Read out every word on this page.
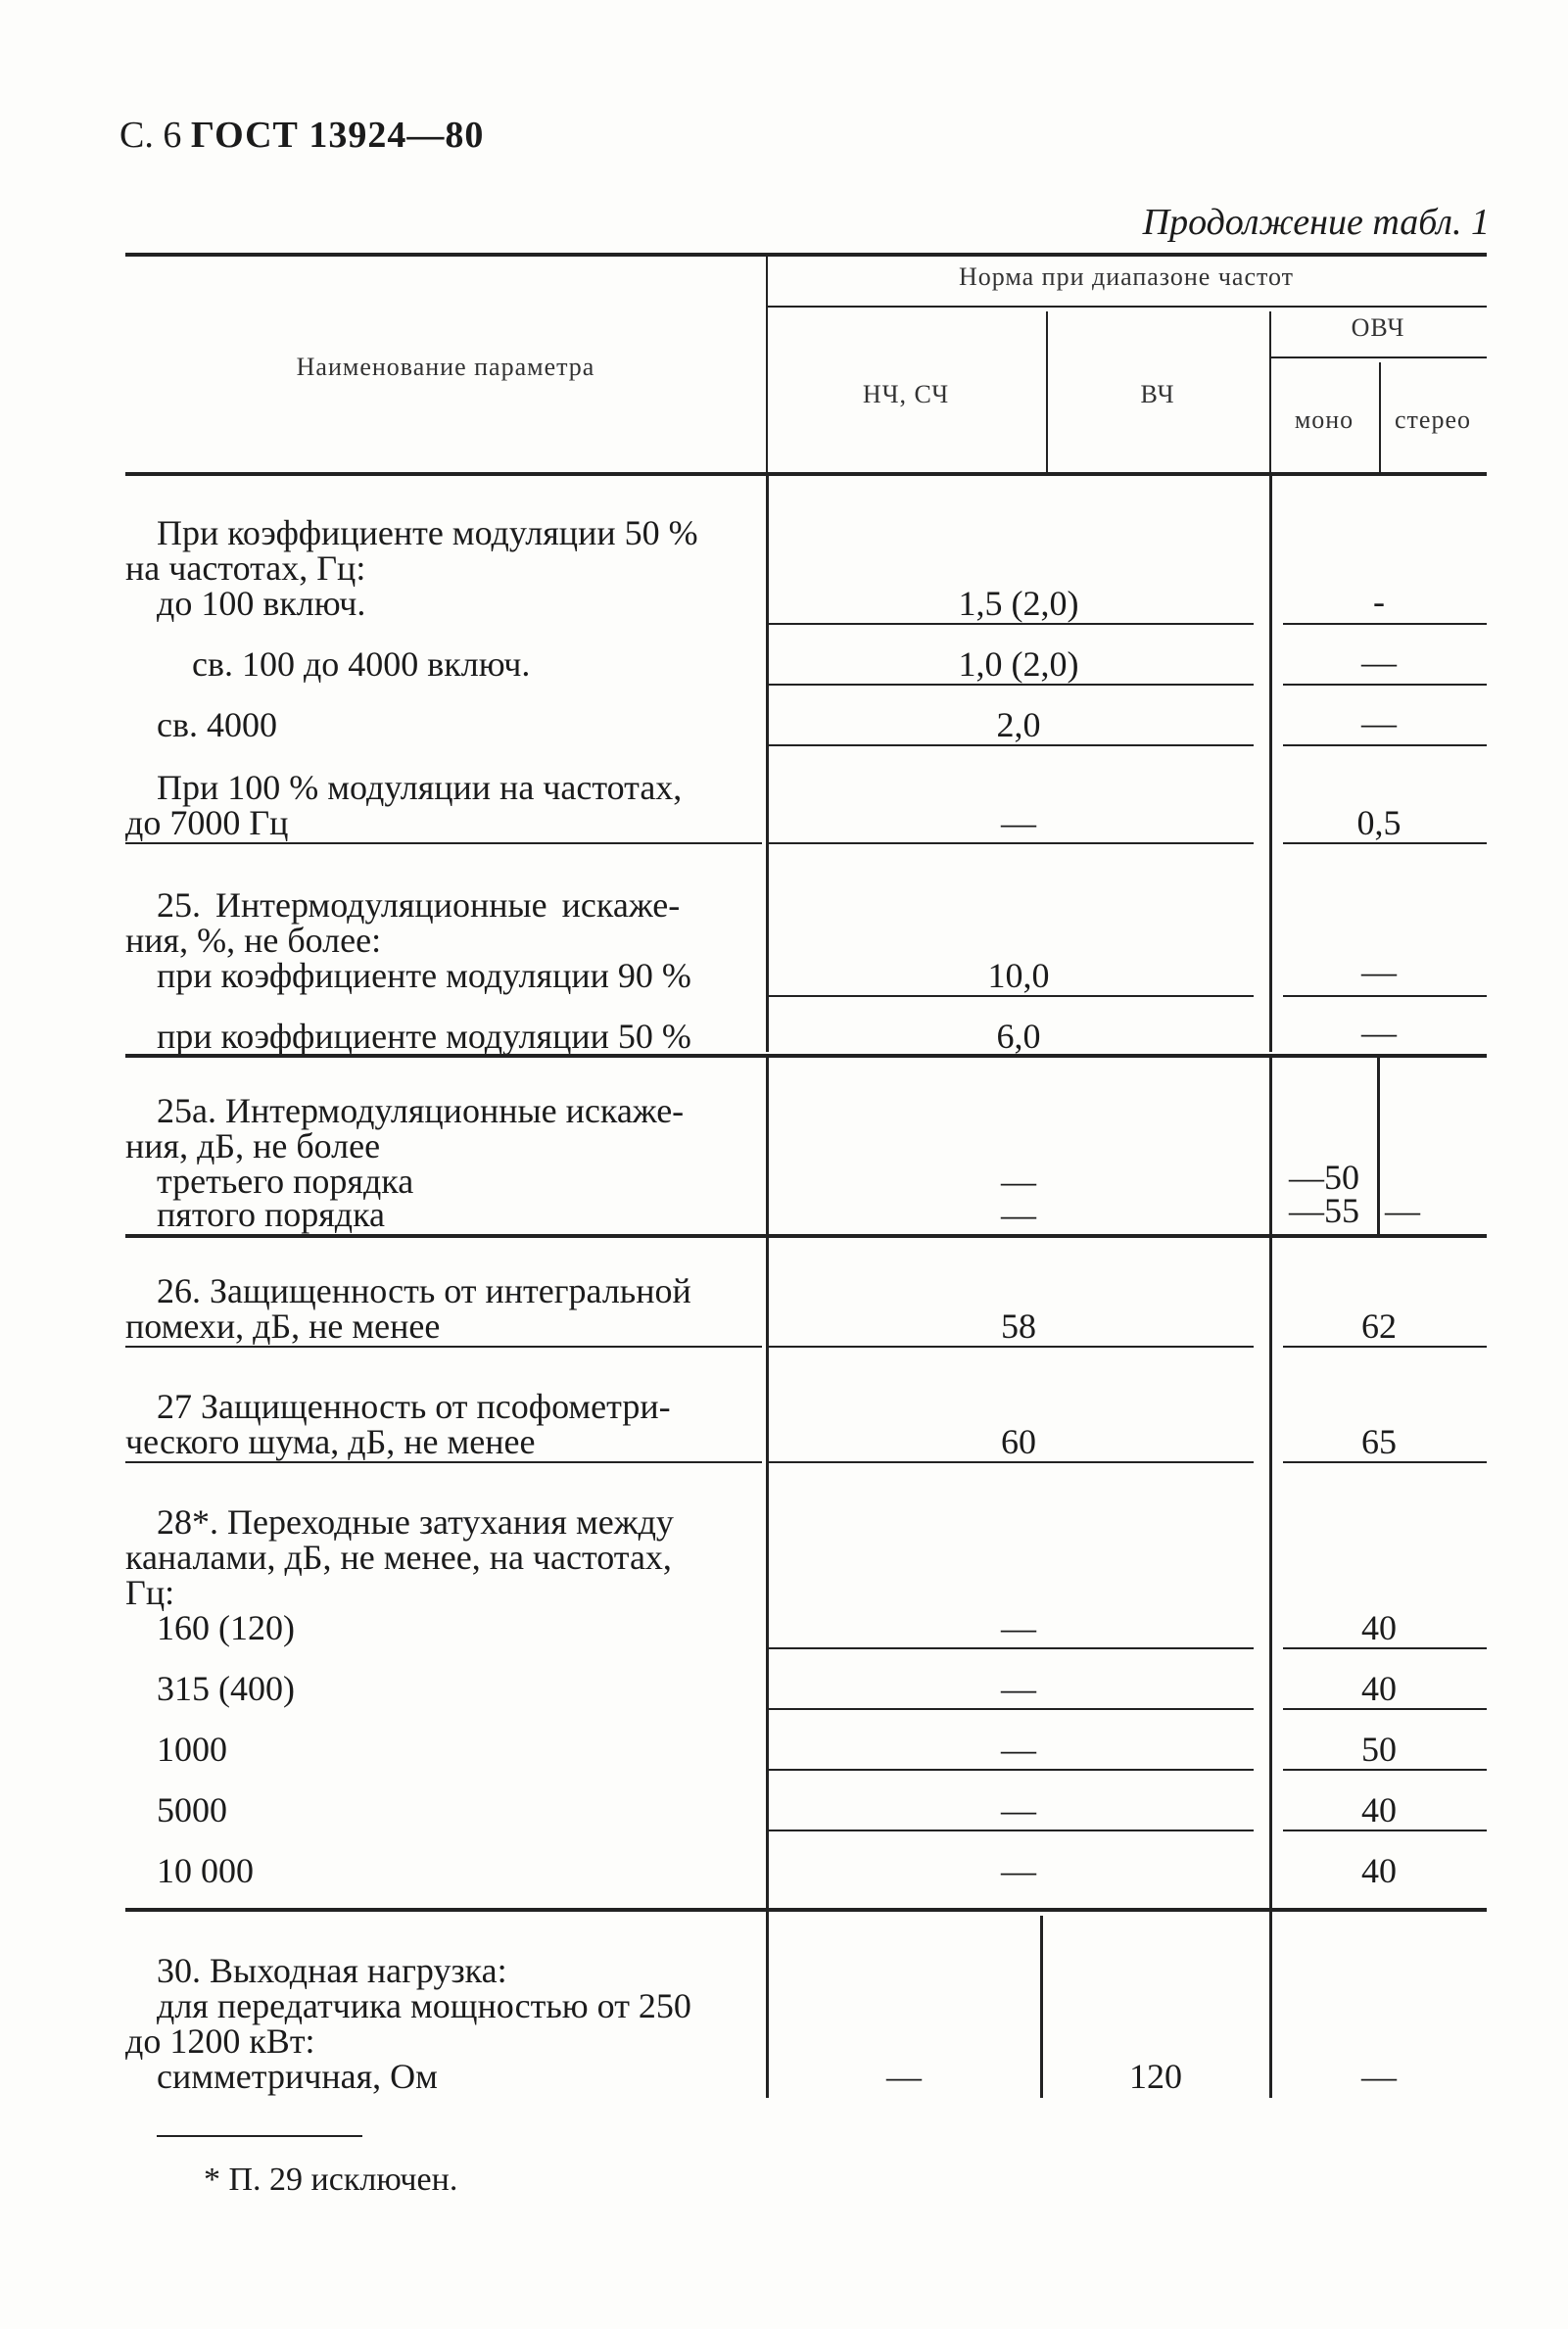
С. 6 ГОСТ 13924—80
Продолжение табл. 1
Наименование параметра
Норма при диапазоне частот
НЧ, СЧ	ВЧ
ОВЧ
моно	стерео
При коэффициенте модуляции 50 %
на частотах, Гц:
до 100 включ.	1,5 (2,0)	-
св. 100 до 4000 включ.	1,0 (2,0)	—
св. 4000	2,0	—
При 100 % модуляции на частотах,
до 7000 Гц	—	0,5
25. Интермодуляционные искаже-
ния, %, не более:
при коэффициенте модуляции 90 %	10,0	—
при коэффициенте модуляции 50 %	6,0	—
25а. Интермодуляционные искаже-
ния, дБ, не более
третьего порядка	—	—50
пятого порядка	—	—55 —
26. Защищенность от интегральной
помехи, дБ, не менее	58	62
27 Защищенность от псофометри-
ческого шума, дБ, не менее	60	65
28*. Переходные затухания между
каналами, дБ, не менее, на частотах,
Гц:
160 (120)	—	40
315 (400)	—	40
1000	—	50
5000	—	40
10 000	—	40
30. Выходная нагрузка:
для передатчика мощностью от 250
до 1200 кВт:
симметричная, Ом	—	120	—
* П. 29 исключен.
